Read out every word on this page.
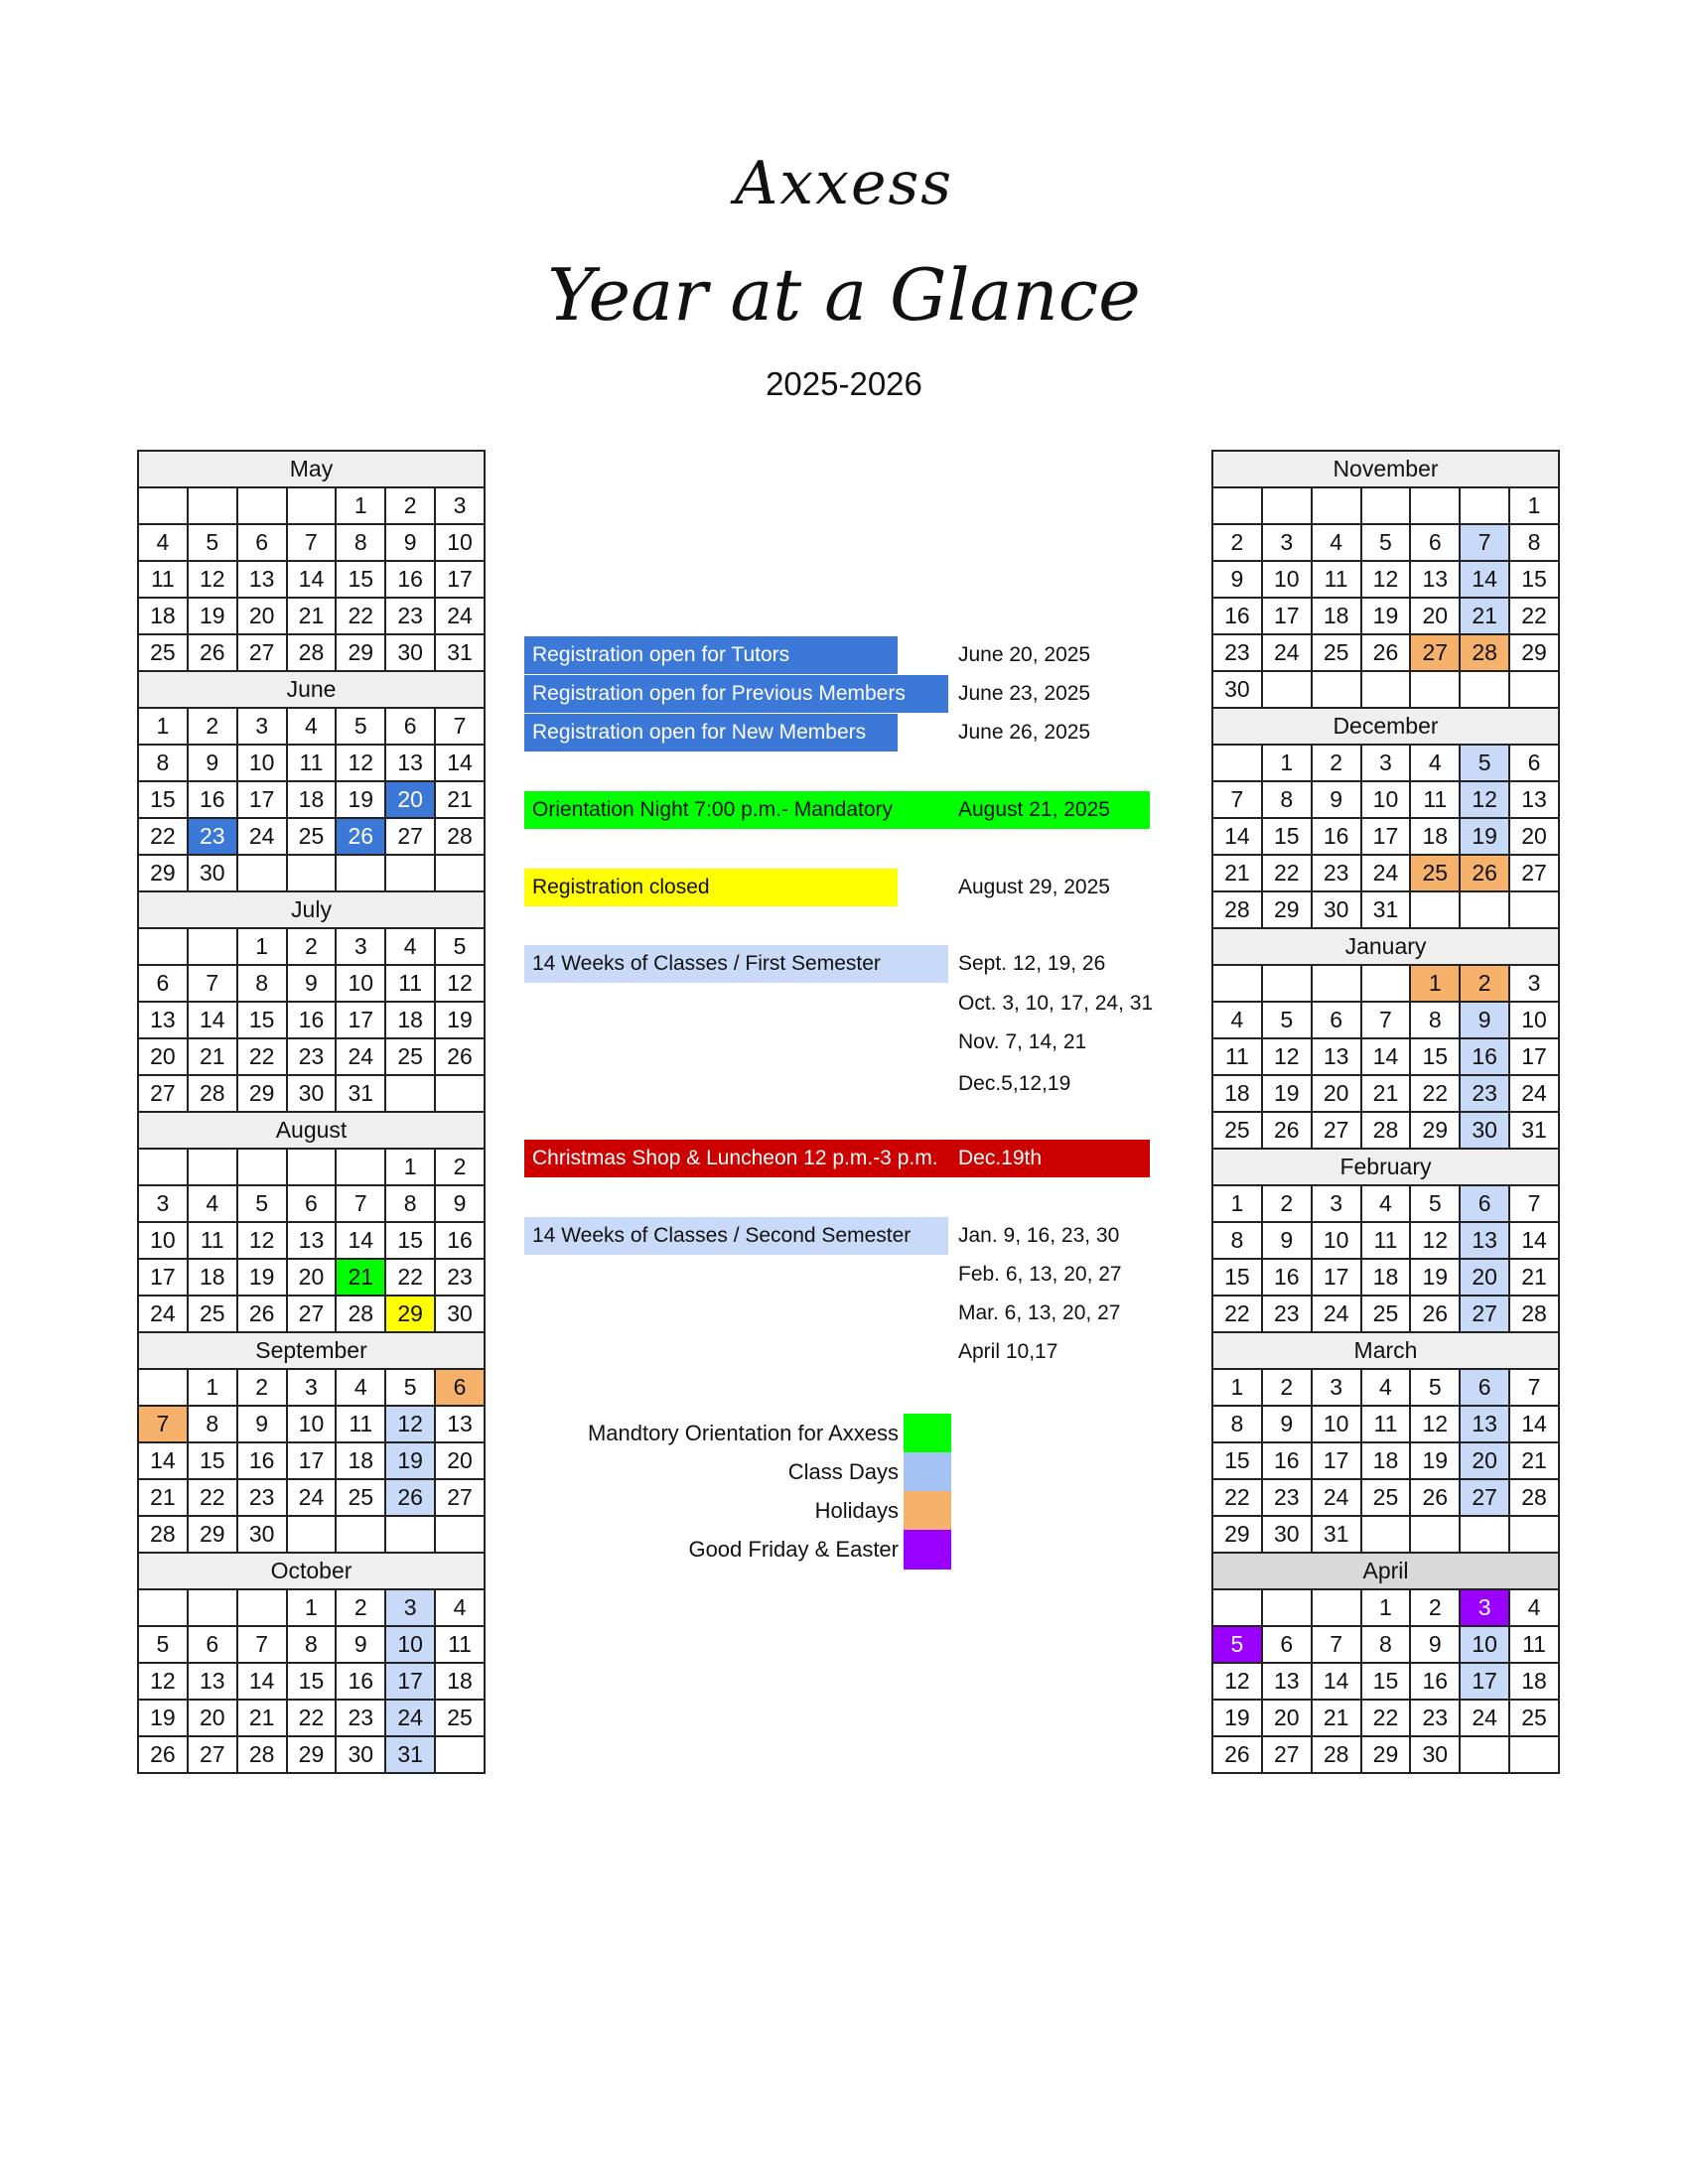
Axxess
Year at a Glance
2025-2026
May						
				1	2	3
4	5	6	7	8	9	10
11	12	13	14	15	16	17
18	19	20	21	22	23	24
25	26	27	28	29	30	31
June						
1	2	3	4	5	6	7
8	9	10	11	12	13	14
15	16	17	18	19	20	21
22	23	24	25	26	27	28
29	30					
July						
		1	2	3	4	5
6	7	8	9	10	11	12
13	14	15	16	17	18	19
20	21	22	23	24	25	26
27	28	29	30	31		
August						
					1	2
3	4	5	6	7	8	9
10	11	12	13	14	15	16
17	18	19	20	21	22	23
24	25	26	27	28	29	30
September						
	1	2	3	4	5	6
7	8	9	10	11	12	13
14	15	16	17	18	19	20
21	22	23	24	25	26	27
28	29	30				
October						
			1	2	3	4
5	6	7	8	9	10	11
12	13	14	15	16	17	18
19	20	21	22	23	24	25
26	27	28	29	30	31	
November						
						1
2	3	4	5	6	7	8
9	10	11	12	13	14	15
16	17	18	19	20	21	22
23	24	25	26	27	28	29
30						
December						
	1	2	3	4	5	6
7	8	9	10	11	12	13
14	15	16	17	18	19	20
21	22	23	24	25	26	27
28	29	30	31			
January						
				1	2	3
4	5	6	7	8	9	10
11	12	13	14	15	16	17
18	19	20	21	22	23	24
25	26	27	28	29	30	31
February						
1	2	3	4	5	6	7
8	9	10	11	12	13	14
15	16	17	18	19	20	21
22	23	24	25	26	27	28
March						
1	2	3	4	5	6	7
8	9	10	11	12	13	14
15	16	17	18	19	20	21
22	23	24	25	26	27	28
29	30	31				
April						
			1	2	3	4
5	6	7	8	9	10	11
12	13	14	15	16	17	18
19	20	21	22	23	24	25
26	27	28	29	30		
Registration open for Tutors	June 20, 2025
Registration open for Previous Members	June 23, 2025
Registration open for New Members	June 26, 2025
Orientation Night 7:00 p.m.- Mandatory	August 21, 2025
Registration closed	August 29, 2025
14 Weeks of Classes / First Semester	Sept. 12, 19, 26
Oct. 3, 10, 17, 24, 31
Nov. 7, 14, 21
Dec.5,12,19
Christmas Shop & Luncheon 12 p.m.-3 p.m. Dec.19th
14 Weeks of Classes / Second Semester	Jan. 9, 16, 23, 30
Feb. 6, 13, 20, 27
Mar. 6, 13, 20, 27
April 10,17
Mandtory Orientation for Axxess
Class Days
Holidays
Good Friday & Easter
